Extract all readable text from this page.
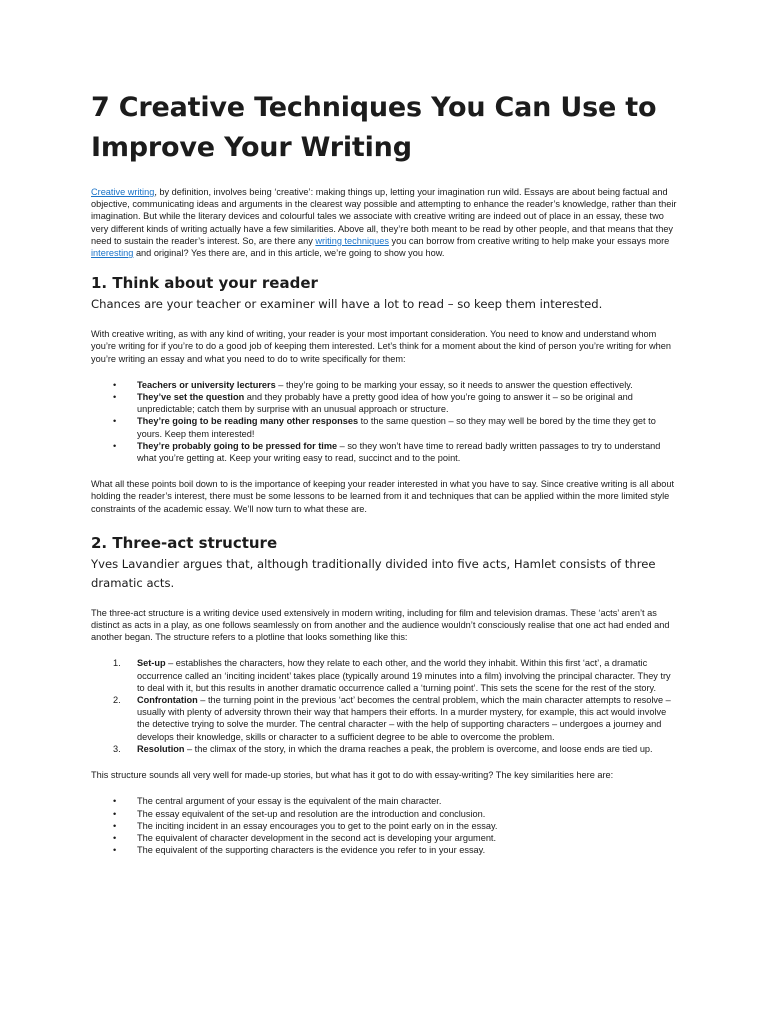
7 Creative Techniques You Can Use to Improve Your Writing

Creative writing, by definition, involves being ‘creative’: making things up, letting your imagination run wild. Essays are about being factual and objective, communicating ideas and arguments in the clearest way possible and attempting to enhance the reader’s knowledge, rather than their imagination. But while the literary devices and colourful tales we associate with creative writing are indeed out of place in an essay, these two very different kinds of writing actually have a few similarities. Above all, they’re both meant to be read by other people, and that means that they need to sustain the reader’s interest. So, are there any writing techniques you can borrow from creative writing to help make your essays more interesting and original? Yes there are, and in this article, we’re going to show you how.

1. Think about your reader
Chances are your teacher or examiner will have a lot to read – so keep them interested.

With creative writing, as with any kind of writing, your reader is your most important consideration. You need to know and understand whom you’re writing for if you’re to do a good job of keeping them interested. Let’s think for a moment about the kind of person you’re writing for when you’re writing an essay and what you need to do to write specifically for them:

•	Teachers or university lecturers – they’re going to be marking your essay, so it needs to answer the question effectively.
•	They’ve set the question and they probably have a pretty good idea of how you’re going to answer it – so be original and unpredictable; catch them by surprise with an unusual approach or structure.
•	They’re going to be reading many other responses to the same question – so they may well be bored by the time they get to yours. Keep them interested!
•	They’re probably going to be pressed for time – so they won’t have time to reread badly written passages to try to understand what you’re getting at. Keep your writing easy to read, succinct and to the point.

What all these points boil down to is the importance of keeping your reader interested in what you have to say. Since creative writing is all about holding the reader’s interest, there must be some lessons to be learned from it and techniques that can be applied within the more limited style constraints of the academic essay. We’ll now turn to what these are.

2. Three-act structure
Yves Lavandier argues that, although traditionally divided into five acts, Hamlet consists of three dramatic acts.

The three-act structure is a writing device used extensively in modern writing, including for film and television dramas. These ‘acts’ aren’t as distinct as acts in a play, as one follows seamlessly on from another and the audience wouldn’t consciously realise that one act had ended and another began. The structure refers to a plotline that looks something like this:

1.	Set-up – establishes the characters, how they relate to each other, and the world they inhabit. Within this first ‘act’, a dramatic occurrence called an ‘inciting incident’ takes place (typically around 19 minutes into a film) involving the principal character. They try to deal with it, but this results in another dramatic occurrence called a ‘turning point’. This sets the scene for the rest of the story.
2.	Confrontation – the turning point in the previous ‘act’ becomes the central problem, which the main character attempts to resolve – usually with plenty of adversity thrown their way that hampers their efforts. In a murder mystery, for example, this act would involve the detective trying to solve the murder. The central character – with the help of supporting characters – undergoes a journey and develops their knowledge, skills or character to a sufficient degree to be able to overcome the problem.
3.	Resolution – the climax of the story, in which the drama reaches a peak, the problem is overcome, and loose ends are tied up.

This structure sounds all very well for made-up stories, but what has it got to do with essay-writing? The key similarities here are:

•	The central argument of your essay is the equivalent of the main character.
•	The essay equivalent of the set-up and resolution are the introduction and conclusion.
•	The inciting incident in an essay encourages you to get to the point early on in the essay.
•	The equivalent of character development in the second act is developing your argument.
•	The equivalent of the supporting characters is the evidence you refer to in your essay.
